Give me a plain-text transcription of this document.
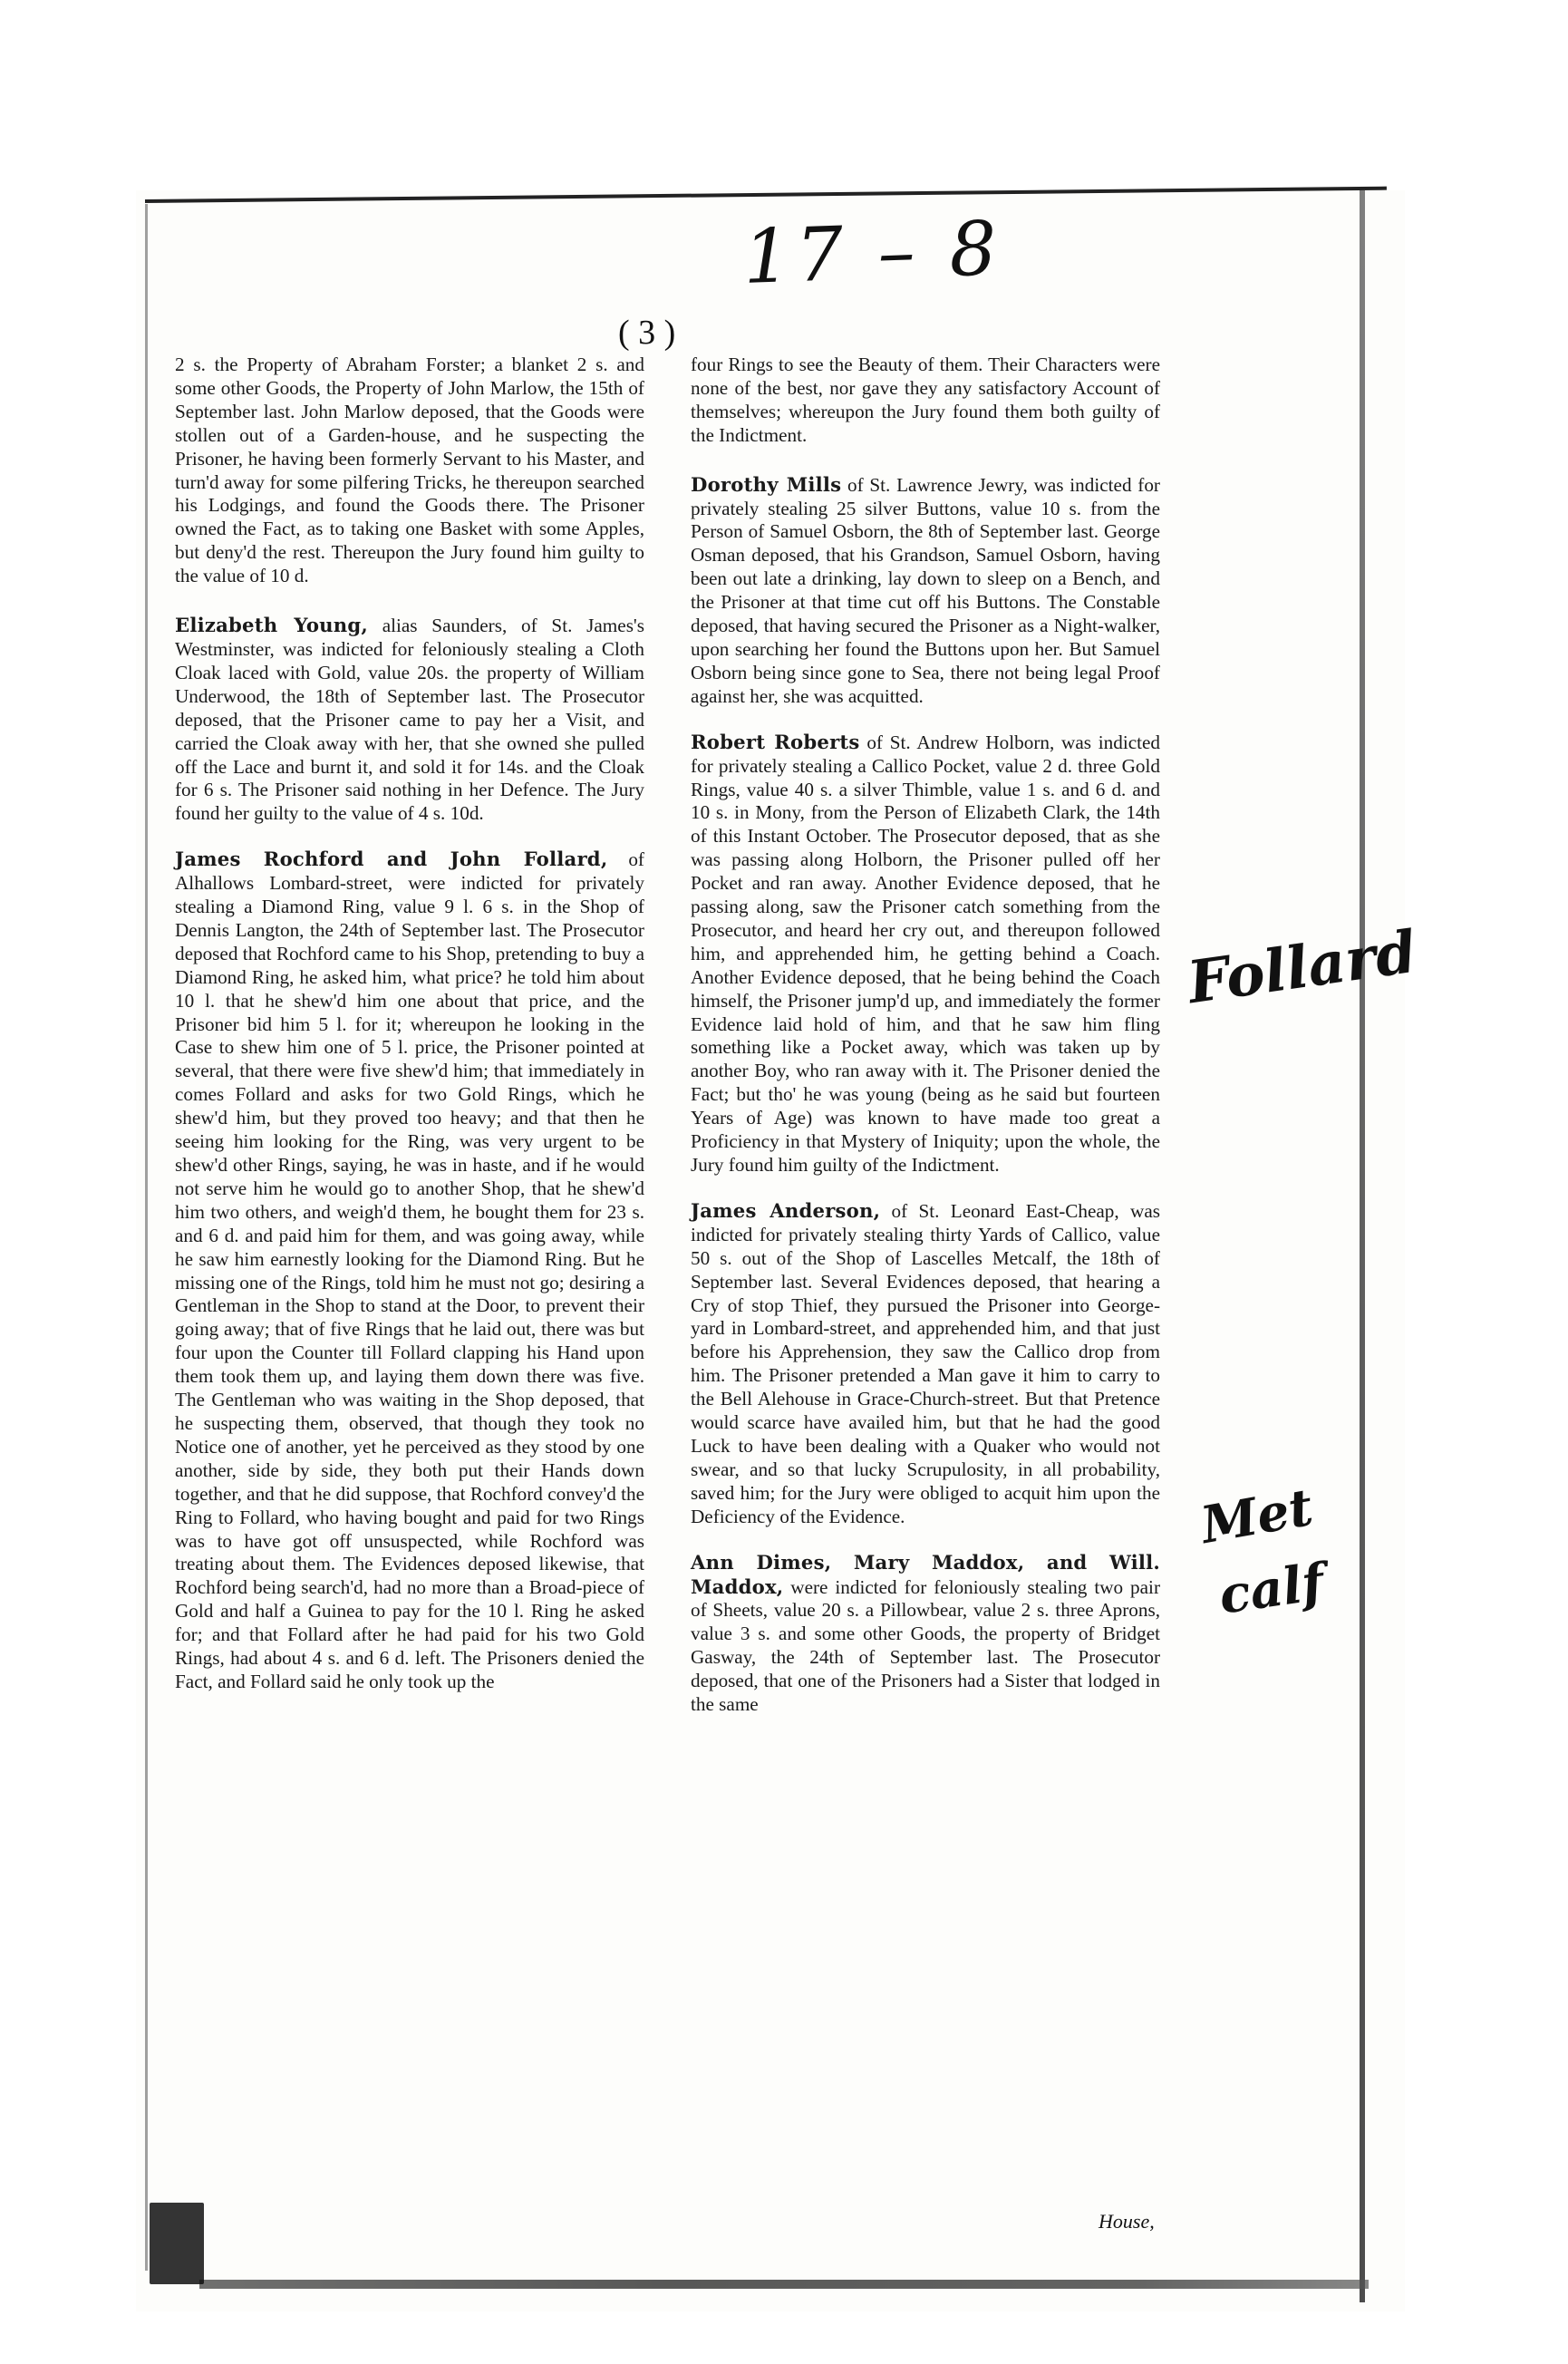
17 – 8
( 3 )
Follard
Met
calf

2 s. the Property of Abraham Forster; a blanket 2 s. and some other Goods, the Property of John Marlow, the 15th of September last. John Marlow deposed, that the Goods were stollen out of a Garden-house, and he suspecting the Prisoner, he having been formerly Servant to his Master, and turn'd away for some pilfering Tricks, he thereupon searched his Lodgings, and found the Goods there. The Prisoner owned the Fact, as to taking one Basket with some Apples, but deny'd the rest. Thereupon the Jury found him guilty to the value of 10 d.

Elizabeth Young, alias Saunders, of St. James's Westminster, was indicted for feloniously stealing a Cloth Cloak laced with Gold, value 20s. the property of William Underwood, the 18th of September last. The Prosecutor deposed, that the Prisoner came to pay her a Visit, and carried the Cloak away with her, that she owned she pulled off the Lace and burnt it, and sold it for 14s. and the Cloak for 6 s. The Prisoner said nothing in her Defence. The Jury found her guilty to the value of 4 s. 10d.

James Rochford and John Follard, of Alhallows Lombard-street, were indicted for privately stealing a Diamond Ring, value 9 l. 6 s. in the Shop of Dennis Langton, the 24th of September last. The Prosecutor deposed that Rochford came to his Shop, pretending to buy a Diamond Ring, he asked him, what price? he told him about 10 l. that he shew'd him one about that price, and the Prisoner bid him 5 l. for it; whereupon he looking in the Case to shew him one of 5 l. price, the Prisoner pointed at several, that there were five shew'd him; that immediately in comes Follard and asks for two Gold Rings, which he shew'd him, but they proved too heavy; and that then he seeing him looking for the Ring, was very urgent to be shew'd other Rings, saying, he was in haste, and if he would not serve him he would go to another Shop, that he shew'd him two others, and weigh'd them, he bought them for 23 s. and 6 d. and paid him for them, and was going away, while he saw him earnestly looking for the Diamond Ring. But he missing one of the Rings, told him he must not go; desiring a Gentleman in the Shop to stand at the Door, to prevent their going away; that of five Rings that he laid out, there was but four upon the Counter till Follard clapping his Hand upon them took them up, and laying them down there was five. The Gentleman who was waiting in the Shop deposed, that he suspecting them, observed, that though they took no Notice one of another, yet he perceived as they stood by one another, side by side, they both put their Hands down together, and that he did suppose, that Rochford convey'd the Ring to Follard, who having bought and paid for two Rings was to have got off unsuspected, while Rochford was treating about them. The Evidences deposed likewise, that Rochford being search'd, had no more than a Broad-piece of Gold and half a Guinea to pay for the 10 l. Ring he asked for; and that Follard after he had paid for his two Gold Rings, had about 4 s. and 6 d. left. The Prisoners denied the Fact, and Follard said he only took up the

four Rings to see the Beauty of them. Their Characters were none of the best, nor gave they any satisfactory Account of themselves; whereupon the Jury found them both guilty of the Indictment.

Dorothy Mills of St. Lawrence Jewry, was indicted for privately stealing 25 silver Buttons, value 10 s. from the Person of Samuel Osborn, the 8th of September last. George Osman deposed, that his Grandson, Samuel Osborn, having been out late a drinking, lay down to sleep on a Bench, and the Prisoner at that time cut off his Buttons. The Constable deposed, that having secured the Prisoner as a Night-walker, upon searching her found the Buttons upon her. But Samuel Osborn being since gone to Sea, there not being legal Proof against her, she was acquitted.

Robert Roberts of St. Andrew Holborn, was indicted for privately stealing a Callico Pocket, value 2 d. three Gold Rings, value 40 s. a silver Thimble, value 1 s. and 6 d. and 10 s. in Mony, from the Person of Elizabeth Clark, the 14th of this Instant October. The Prosecutor deposed, that as she was passing along Holborn, the Prisoner pulled off her Pocket and ran away. Another Evidence deposed, that he passing along, saw the Prisoner catch something from the Prosecutor, and heard her cry out, and thereupon followed him, and apprehended him, he getting behind a Coach. Another Evidence deposed, that he being behind the Coach himself, the Prisoner jump'd up, and immediately the former Evidence laid hold of him, and that he saw him fling something like a Pocket away, which was taken up by another Boy, who ran away with it. The Prisoner denied the Fact; but tho' he was young (being as he said but fourteen Years of Age) was known to have made too great a Proficiency in that Mystery of Iniquity; upon the whole, the Jury found him guilty of the Indictment.

James Anderson, of St. Leonard East-Cheap, was indicted for privately stealing thirty Yards of Callico, value 50 s. out of the Shop of Lascelles Metcalf, the 18th of September last. Several Evidences deposed, that hearing a Cry of stop Thief, they pursued the Prisoner into George-yard in Lombard-street, and apprehended him, and that just before his Apprehension, they saw the Callico drop from him. The Prisoner pretended a Man gave it him to carry to the Bell Alehouse in Grace-Church-street. But that Pretence would scarce have availed him, but that he had the good Luck to have been dealing with a Quaker who would not swear, and so that lucky Scrupulosity, in all probability, saved him; for the Jury were obliged to acquit him upon the Deficiency of the Evidence.

Ann Dimes, Mary Maddox, and Will. Maddox, were indicted for feloniously stealing two pair of Sheets, value 20 s. a Pillowbear, value 2 s. three Aprons, value 3 s. and some other Goods, the property of Bridget Gasway, the 24th of September last. The Prosecutor deposed, that one of the Prisoners had a Sister that lodged in the same

House,
